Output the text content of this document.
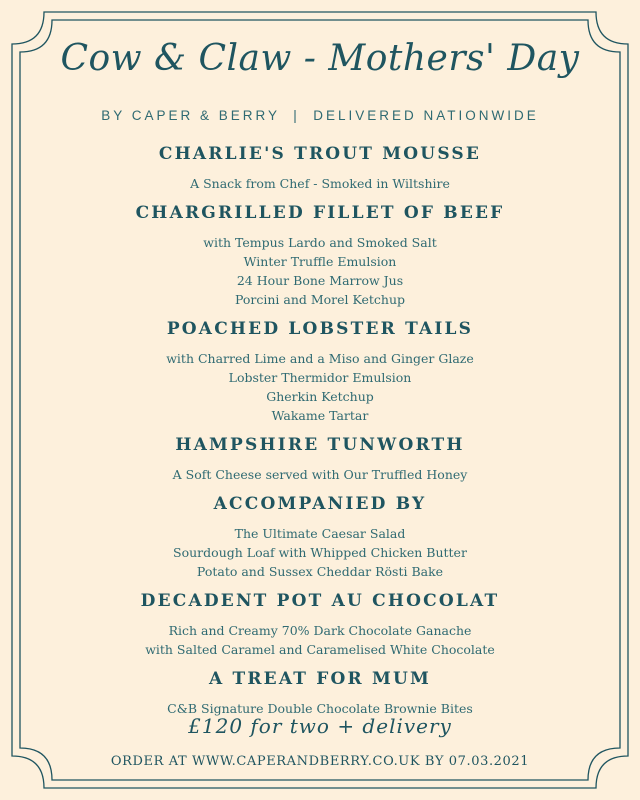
Cow & Claw - Mothers' Day
BY CAPER & BERRY  |  DELIVERED NATIONWIDE
CHARLIE'S TROUT MOUSSE

A Snack from Chef - Smoked in Wiltshire

CHARGRILLED FILLET OF BEEF

with Tempus Lardo and Smoked Salt

Winter Truffle Emulsion

24 Hour Bone Marrow Jus

Porcini and Morel Ketchup

POACHED LOBSTER TAILS

with Charred Lime and a Miso and Ginger Glaze

Lobster Thermidor Emulsion

Gherkin Ketchup

Wakame Tartar

HAMPSHIRE TUNWORTH

A Soft Cheese served with Our Truffled Honey

ACCOMPANIED BY

The Ultimate Caesar Salad

Sourdough Loaf with Whipped Chicken Butter

Potato and Sussex Cheddar Rösti Bake

DECADENT POT AU CHOCOLAT

Rich and Creamy 70% Dark Chocolate Ganache

with Salted Caramel and Caramelised White Chocolate

A TREAT FOR MUM

C&B Signature Double Chocolate Brownie Bites

£120 for two + delivery
ORDER AT WWW.CAPERANDBERRY.CO.UK BY 07.03.2021
